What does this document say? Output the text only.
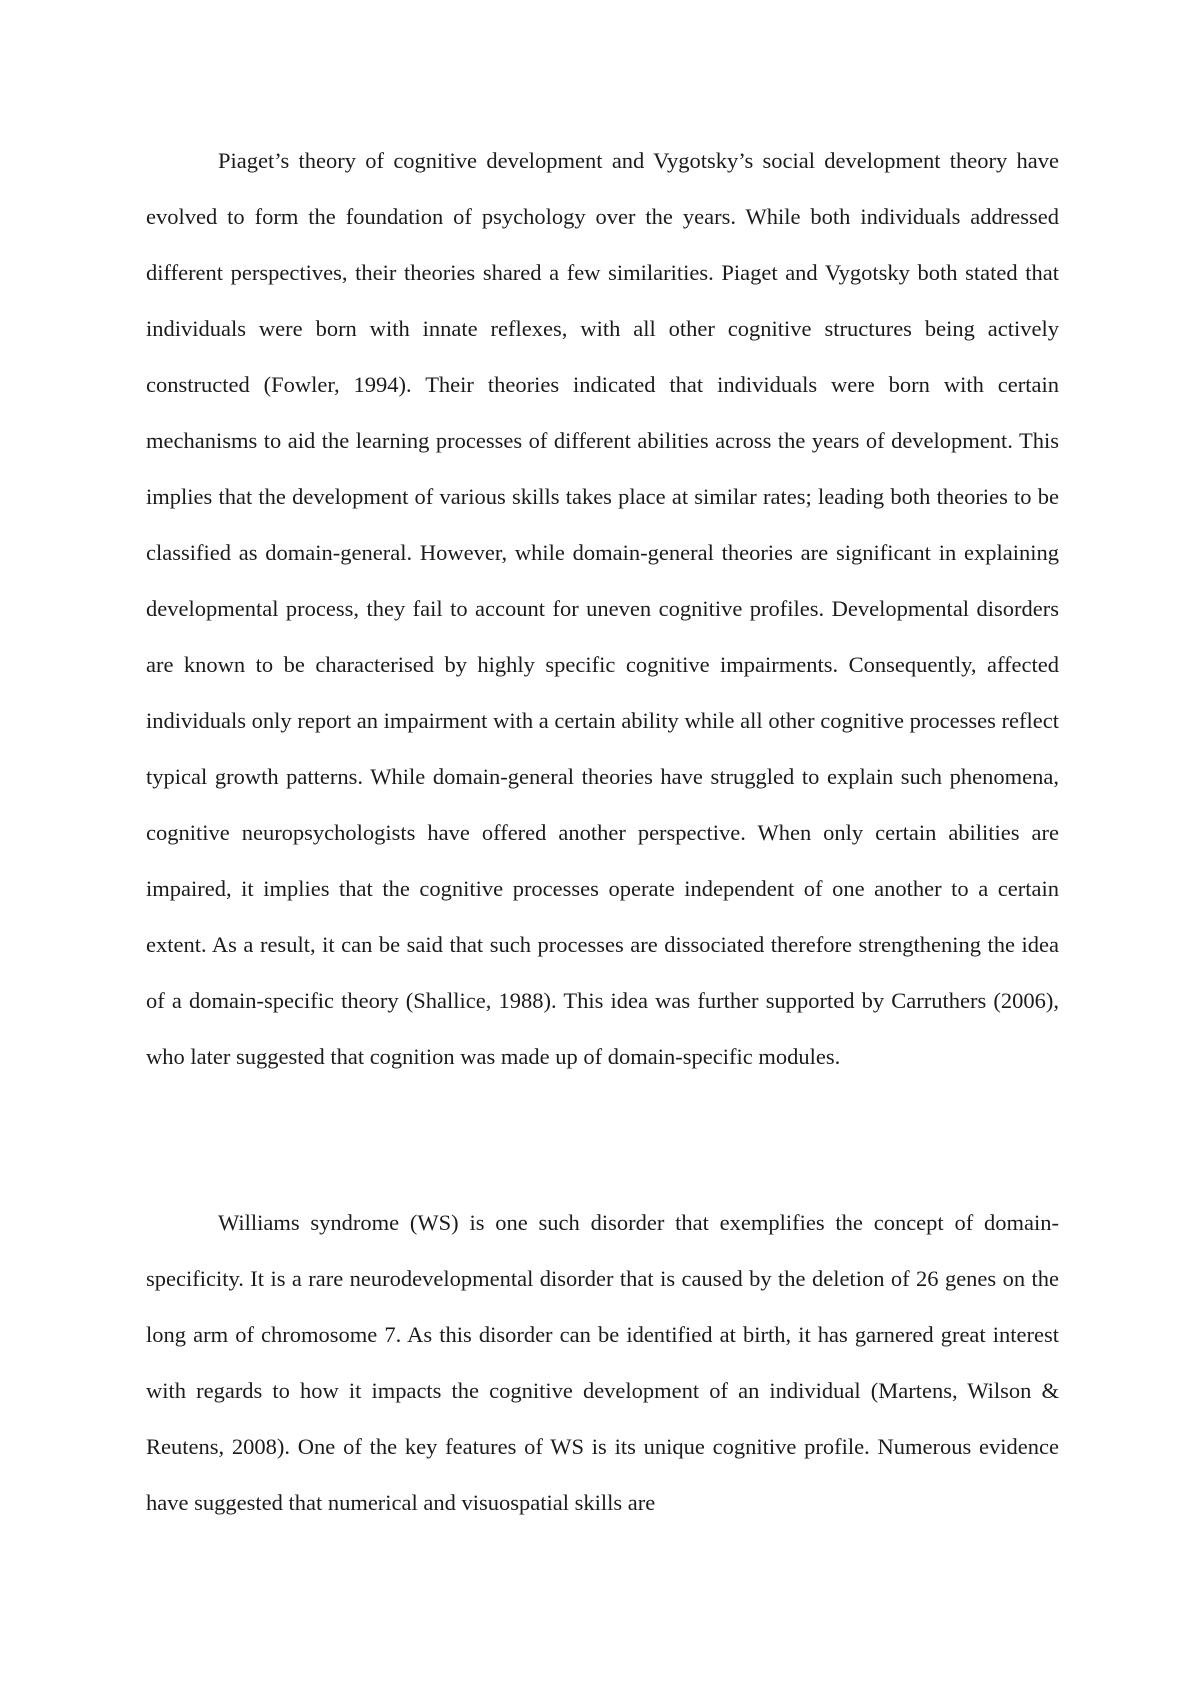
Piaget’s theory of cognitive development and Vygotsky’s social development theory have evolved to form the foundation of psychology over the years. While both individuals addressed different perspectives, their theories shared a few similarities. Piaget and Vygotsky both stated that individuals were born with innate reflexes, with all other cognitive structures being actively constructed (Fowler, 1994). Their theories indicated that individuals were born with certain mechanisms to aid the learning processes of different abilities across the years of development. This implies that the development of various skills takes place at similar rates; leading both theories to be classified as domain-general. However, while domain-general theories are significant in explaining developmental process, they fail to account for uneven cognitive profiles. Developmental disorders are known to be characterised by highly specific cognitive impairments. Consequently, affected individuals only report an impairment with a certain ability while all other cognitive processes reflect typical growth patterns. While domain-general theories have struggled to explain such phenomena, cognitive neuropsychologists have offered another perspective. When only certain abilities are impaired, it implies that the cognitive processes operate independent of one another to a certain extent. As a result, it can be said that such processes are dissociated therefore strengthening the idea of a domain-specific theory (Shallice, 1988). This idea was further supported by Carruthers (2006), who later suggested that cognition was made up of domain-specific modules.

Williams syndrome (WS) is one such disorder that exemplifies the concept of domain-specificity. It is a rare neurodevelopmental disorder that is caused by the deletion of 26 genes on the long arm of chromosome 7. As this disorder can be identified at birth, it has garnered great interest with regards to how it impacts the cognitive development of an individual (Martens, Wilson & Reutens, 2008). One of the key features of WS is its unique cognitive profile. Numerous evidence have suggested that numerical and visuospatial skills are
